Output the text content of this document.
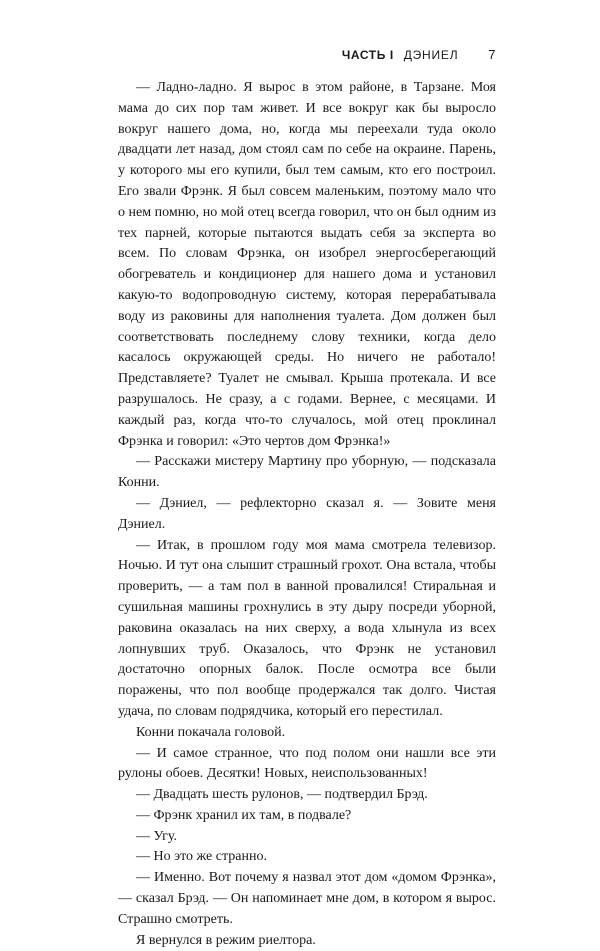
ЧАСТЬ I ДЭНИЕЛ 7

— Ладно-ладно. Я вырос в этом районе, в Тарзане. Моя мама до сих пор там живет. И все вокруг как бы выросло вокруг нашего дома, но, когда мы переехали туда около двадцати лет назад, дом стоял сам по себе на окраине. Парень, у которого мы его купили, был тем самым, кто его построил. Его звали Фрэнк. Я был совсем маленьким, поэтому мало что о нем помню, но мой отец всегда говорил, что он был одним из тех парней, которые пытаются выдать себя за эксперта во всем. По словам Фрэнка, он изобрел энергосберегающий обогреватель и кондиционер для нашего дома и установил какую-то водопроводную систему, которая перерабатывала воду из раковины для наполнения туалета. Дом должен был соответствовать последнему слову техники, когда дело касалось окружающей среды. Но ничего не работало! Представляете? Туалет не смывал. Крыша протекала. И все разрушалось. Не сразу, а с годами. Вернее, с месяцами. И каждый раз, когда что-то случалось, мой отец проклинал Фрэнка и говорил: «Это чертов дом Фрэнка!»

— Расскажи мистеру Мартину про уборную, — подсказала Конни.

— Дэниел, — рефлекторно сказал я. — Зовите меня Дэниел.

— Итак, в прошлом году моя мама смотрела телевизор. Ночью. И тут она слышит страшный грохот. Она встала, чтобы проверить, — а там пол в ванной провалился! Стиральная и сушильная машины грохнулись в эту дыру посреди уборной, раковина оказалась на них сверху, а вода хлынула из всех лопнувших труб. Оказалось, что Фрэнк не установил достаточно опорных балок. После осмотра все были поражены, что пол вообще продержался так долго. Чистая удача, по словам подрядчика, который его перестилал.

Конни покачала головой.

— И самое странное, что под полом они нашли все эти рулоны обоев. Десятки! Новых, неиспользованных!

— Двадцать шесть рулонов, — подтвердил Брэд.

— Фрэнк хранил их там, в подвале?

— Угу.

— Но это же странно.

— Именно. Вот почему я назвал этот дом «домом Фрэнка», — сказал Брэд. — Он напоминает мне дом, в котором я вырос. Страшно смотреть.

Я вернулся в режим риелтора.
